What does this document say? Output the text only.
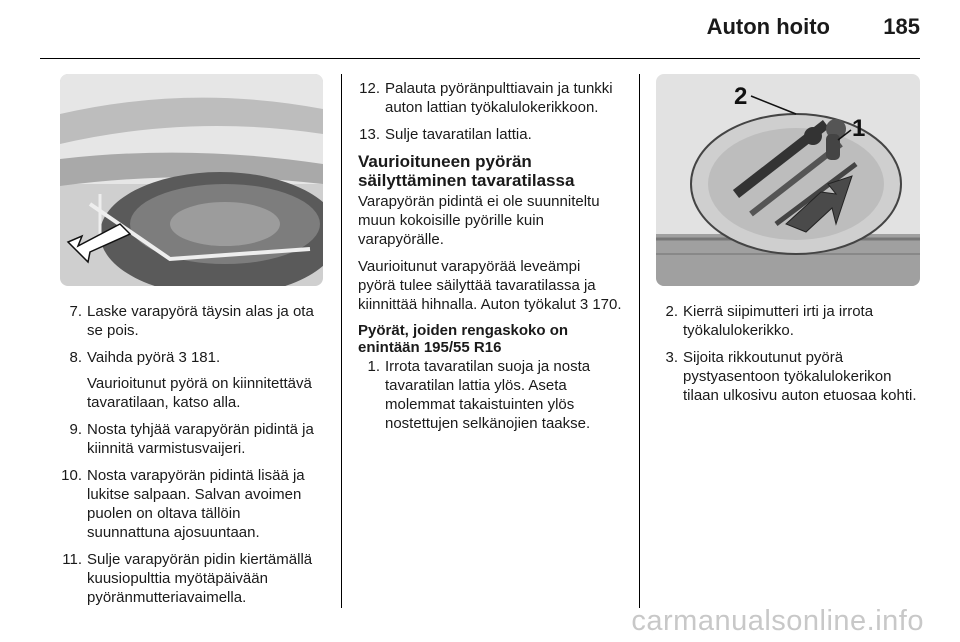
Auton hoito 185
2
1
7. Laske varapyörä täysin alas ja ota se pois.

8. Vaihda pyörä 3 181.

Vaurioitunut pyörä on kiinnitettävä tavaratilaan, katso alla.

9. Nosta tyhjää varapyörän pidintä ja kiinnitä varmistusvaijeri.

10. Nosta varapyörän pidintä lisää ja lukitse salpaan. Salvan avoimen puolen on oltava tällöin suunnattuna ajosuuntaan.

11. Sulje varapyörän pidin kiertämällä kuusiopulttia myötäpäivään pyöränmutteriavaimella.

12. Palauta pyöränpulttiavain ja tunkki auton lattian työkalulokerikkoon.

13. Sulje tavaratilan lattia.

Vaurioituneen pyörän säilyttäminen tavaratilassa

Varapyörän pidintä ei ole suunniteltu muun kokoisille pyörille kuin varapyörälle.

Vaurioitunut varapyörää leveämpi pyörä tulee säilyttää tavaratilassa ja kiinnittää hihnalla. Auton työkalut 3 170.

Pyörät, joiden rengaskoko on enintään 195/55 R16

1. Irrota tavaratilan suoja ja nosta tavaratilan lattia ylös. Aseta molemmat takaistuinten ylös nostettujen selkänojien taakse.

2. Kierrä siipimutteri irti ja irrota työkalulokerikko.

3. Sijoita rikkoutunut pyörä pystyasentoon työkalulokerikon tilaan ulkosivu auton etuosaa kohti.

carmanualsonline.info
